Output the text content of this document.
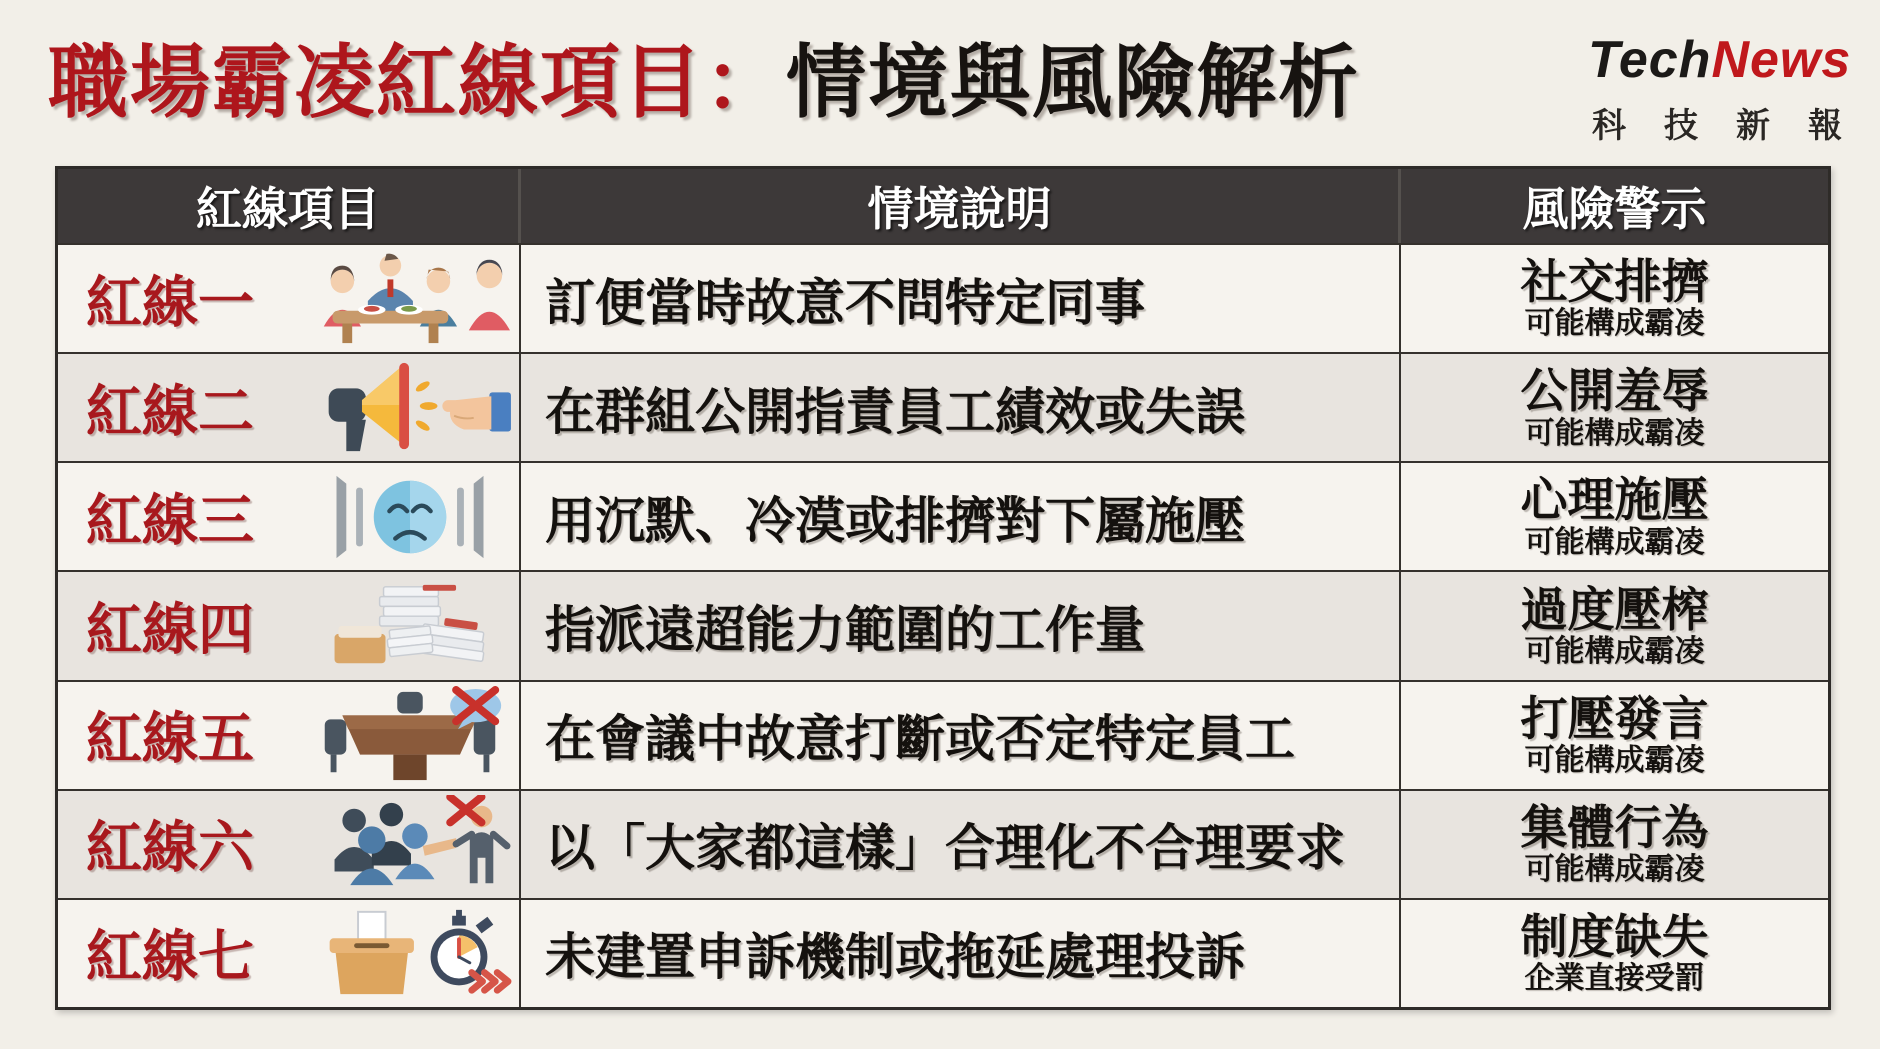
職場霸凌紅線項目：情境與風險解析	TechNews
科 技 新 報
紅線項目	情境說明	風險警示
紅線一	訂便當時故意不問特定同事	社交排擠
可能構成霸凌
紅線二	在群組公開指責員工績效或失誤	公開羞辱
可能構成霸凌
紅線三	用沉默、冷漠或排擠對下屬施壓	心理施壓
可能構成霸凌
紅線四	指派遠超能力範圍的工作量	過度壓榨
可能構成霸凌
紅線五	在會議中故意打斷或否定特定員工	打壓發言
可能構成霸凌
紅線六	以「大家都這樣」合理化不合理要求	集體行為
可能構成霸凌
紅線七	未建置申訴機制或拖延處理投訴	制度缺失
企業直接受罰
